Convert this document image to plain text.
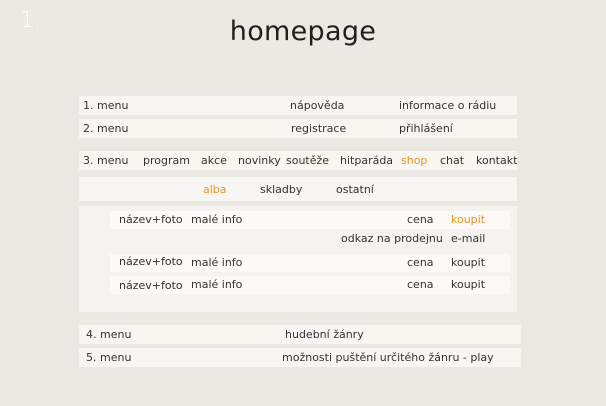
1.	homepage
1. menu	nápověda	informace o rádiu
2. menu	registrace	přihlášení
3. menu program akce novinky soutěže hitparáda shop chat kontakt
alba	skladby	ostatní
název+foto malé info	cena koupit
odkaz na prodejnu e-mail
název+foto malé info	cena koupit
název+foto malé info	cena koupit
4. menu	hudební žánry
5. menu	možnosti puštění určitého žánru - play
